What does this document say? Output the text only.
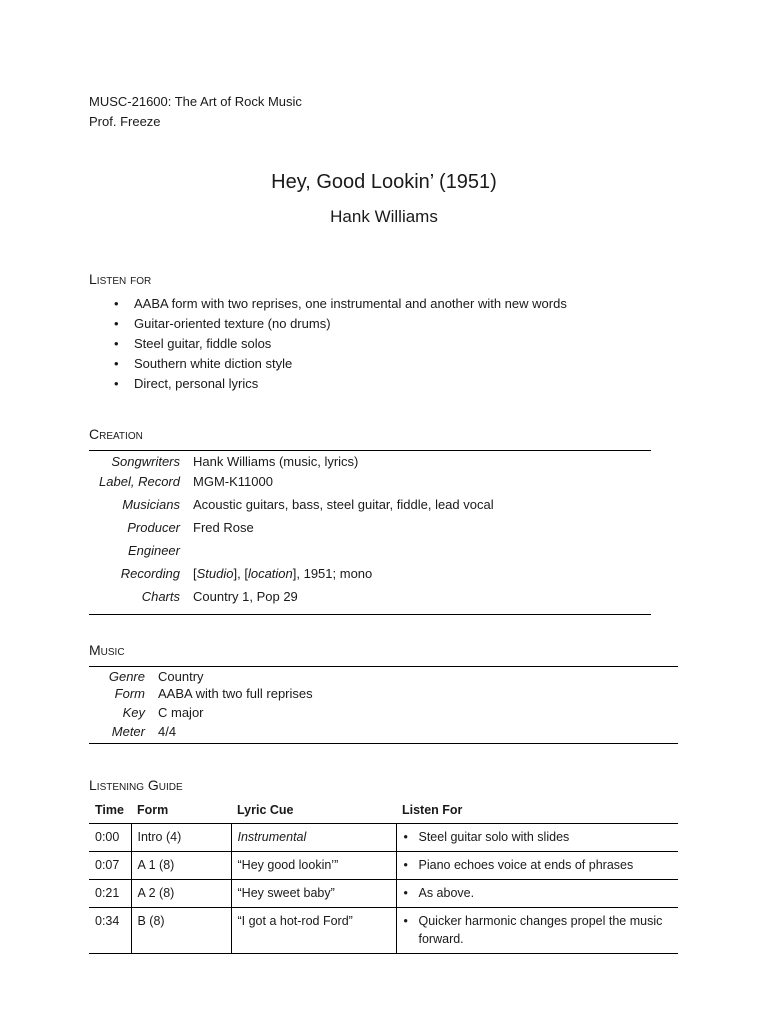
MUSC-21600: The Art of Rock Music
Prof. Freeze
Hey, Good Lookin’ (1951)
Hank Williams
Listen for
• AABA form with two reprises, one instrumental and another with new words
• Guitar-oriented texture (no drums)
• Steel guitar, fiddle solos
• Southern white diction style
• Direct, personal lyrics
Creation
Songwriters	Hank Williams (music, lyrics)
Label, Record	MGM-K11000
Musicians	Acoustic guitars, bass, steel guitar, fiddle, lead vocal
Producer	Fred Rose
Engineer	
Recording	[Studio], [location], 1951; mono
Charts	Country 1, Pop 29
Music
Genre	Country
Form	AABA with two full reprises
Key	C major
Meter	4/4
Listening Guide
Time	Form	Lyric Cue	Listen For
0:00	Intro (4)	Instrumental	• Steel guitar solo with slides
0:07	A 1 (8)	“Hey good lookin’”	• Piano echoes voice at ends of phrases
0:21	A 2 (8)	“Hey sweet baby”	• As above.
0:34	B (8)	“I got a hot-rod Ford”	• Quicker harmonic changes propel the music forward.
